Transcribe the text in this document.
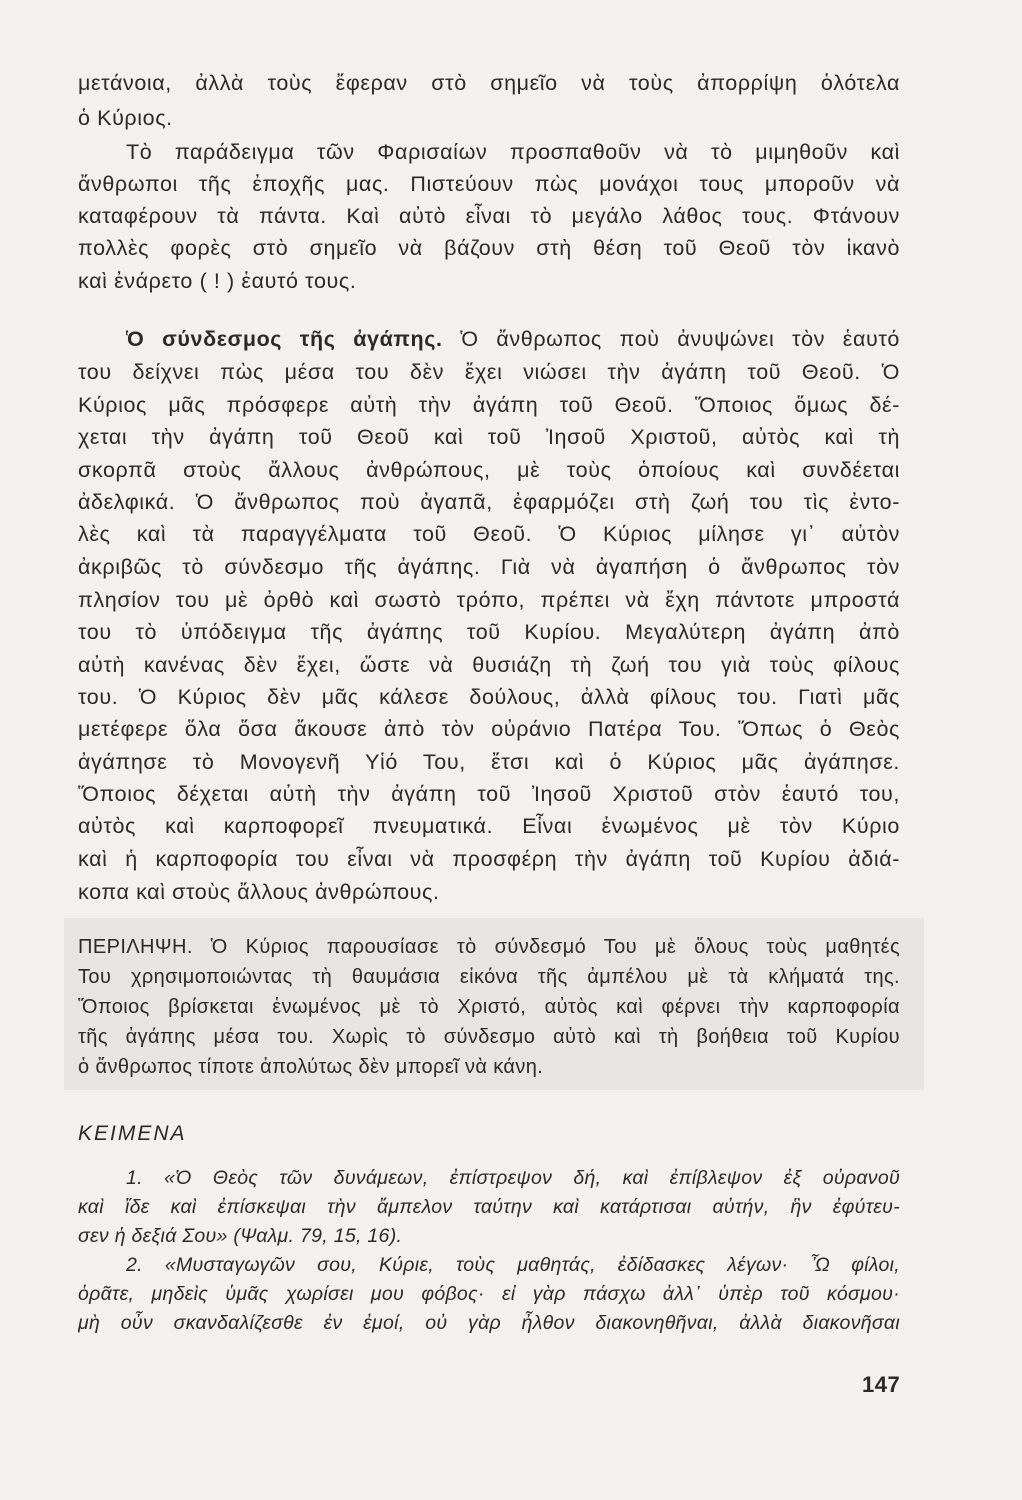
μετάνοια, ἀλλὰ τοὺς ἔφεραν στὸ σημεῖο νὰ τοὺς ἀπορρίψη ὁλότελα
ὁ Κύριος.
Τὸ παράδειγμα τῶν Φαρισαίων προσπαθοῦν νὰ τὸ μιμηθοῦν καὶ
ἄνθρωποι τῆς ἐποχῆς μας. Πιστεύουν πὼς μονάχοι τους μποροῦν νὰ
καταφέρουν τὰ πάντα. Καὶ αὐτὸ εἶναι τὸ μεγάλο λάθος τους. Φτάνουν
πολλὲς φορὲς στὸ σημεῖο νὰ βάζουν στὴ θέση τοῦ Θεοῦ τὸν ἱκανὸ
καὶ ἐνάρετο ( ! ) ἑαυτό τους.
Ὁ σύνδεσμος τῆς ἀγάπης. Ὁ ἄνθρωπος ποὺ ἀνυψώνει τὸν ἑαυτό
του δείχνει πὼς μέσα του δὲν ἔχει νιώσει τὴν ἀγάπη τοῦ Θεοῦ. Ὁ
Κύριος μᾶς πρόσφερε αὐτὴ τὴν ἀγάπη τοῦ Θεοῦ. Ὅποιος ὅμως δέ-
χεται τὴν ἀγάπη τοῦ Θεοῦ καὶ τοῦ Ἰησοῦ Χριστοῦ, αὐτὸς καὶ τὴ
σκορπᾶ στοὺς ἄλλους ἀνθρώπους, μὲ τοὺς ὁποίους καὶ συνδέεται
ἀδελφικά. Ὁ ἄνθρωπος ποὺ ἀγαπᾶ, ἐφαρμόζει στὴ ζωή του τὶς ἐντο-
λὲς καὶ τὰ παραγγέλματα τοῦ Θεοῦ. Ὁ Κύριος μίλησε γι᾿ αὐτὸν
ἀκριβῶς τὸ σύνδεσμο τῆς ἀγάπης. Γιὰ νὰ ἀγαπήση ὁ ἄνθρωπος τὸν
πλησίον του μὲ ὀρθὸ καὶ σωστὸ τρόπο, πρέπει νὰ ἔχη πάντοτε μπροστά
του τὸ ὑπόδειγμα τῆς ἀγάπης τοῦ Κυρίου. Μεγαλύτερη ἀγάπη ἀπὸ
αὐτὴ κανένας δὲν ἔχει, ὥστε νὰ θυσιάζη τὴ ζωή του γιὰ τοὺς φίλους
του. Ὁ Κύριος δὲν μᾶς κάλεσε δούλους, ἀλλὰ φίλους του. Γιατὶ μᾶς
μετέφερε ὅλα ὅσα ἄκουσε ἀπὸ τὸν οὐράνιο Πατέρα Του. Ὅπως ὁ Θεὸς
ἀγάπησε τὸ Μονογενῆ Υἱό Του, ἔτσι καὶ ὁ Κύριος μᾶς ἀγάπησε.
Ὅποιος δέχεται αὐτὴ τὴν ἀγάπη τοῦ Ἰησοῦ Χριστοῦ στὸν ἑαυτό του,
αὐτὸς καὶ καρποφορεῖ πνευματικά. Εἶναι ἑνωμένος μὲ τὸν Κύριο
καὶ ἡ καρποφορία του εἶναι νὰ προσφέρη τὴν ἀγάπη τοῦ Κυρίου ἀδιά-
κοπα καὶ στοὺς ἄλλους ἀνθρώπους.
ΠΕΡΙΛΗΨΗ. Ὁ Κύριος παρουσίασε τὸ σύνδεσμό Του μὲ ὅλους τοὺς μαθητές
Του χρησιμοποιώντας τὴ θαυμάσια εἰκόνα τῆς ἀμπέλου μὲ τὰ κλήματά της.
Ὅποιος βρίσκεται ἑνωμένος μὲ τὸ Χριστό, αὐτὸς καὶ φέρνει τὴν καρποφορία
τῆς ἀγάπης μέσα του. Χωρὶς τὸ σύνδεσμο αὐτὸ καὶ τὴ βοήθεια τοῦ Κυρίου
ὁ ἄνθρωπος τίποτε ἀπολύτως δὲν μπορεῖ νὰ κάνη.
ΚΕΙΜΕΝΑ
1. «Ὁ Θεὸς τῶν δυνάμεων, ἐπίστρεψον δή, καὶ ἐπίβλεψον ἐξ οὐρανοῦ
καὶ ἴδε καὶ ἐπίσκεψαι τὴν ἄμπελον ταύτην καὶ κατάρτισαι αὐτήν, ἣν ἐφύτευ-
σεν ἡ δεξιά Σου» (Ψαλμ. 79, 15, 16).
2. «Μυσταγωγῶν σου, Κύριε, τοὺς μαθητάς, ἐδίδασκες λέγων· Ὦ φίλοι,
ὁρᾶτε, μηδεὶς ὑμᾶς χωρίσει μου φόβος· εἰ γὰρ πάσχω ἀλλ᾿ ὑπὲρ τοῦ κόσμου·
μὴ οὖν σκανδαλίζεσθε ἐν ἐμοί, οὐ γὰρ ἦλθον διακονηθῆναι, ἀλλὰ διακονῆσαι
147
